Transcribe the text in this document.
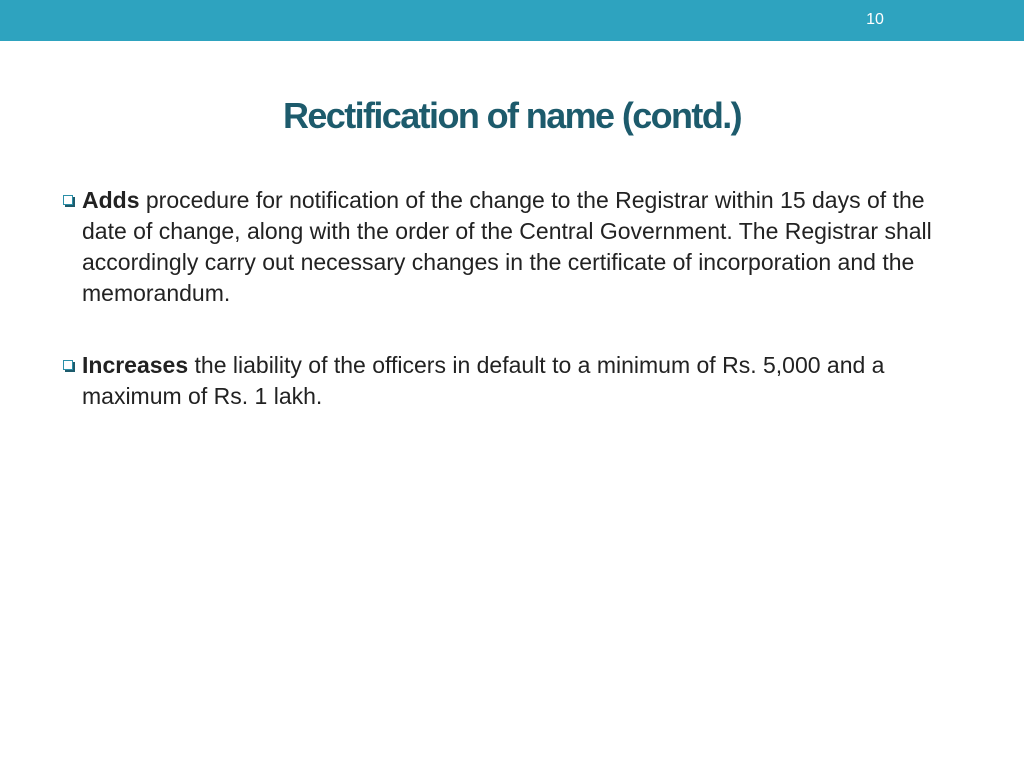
10
Rectification of name (contd.)
Adds procedure for notification of the change to the Registrar within 15 days of the date of change, along with the order of the Central Government. The Registrar shall accordingly carry out necessary changes in the certificate of incorporation and the memorandum.
Increases the liability of the officers in default to a minimum of Rs. 5,000 and a maximum of Rs. 1 lakh.
